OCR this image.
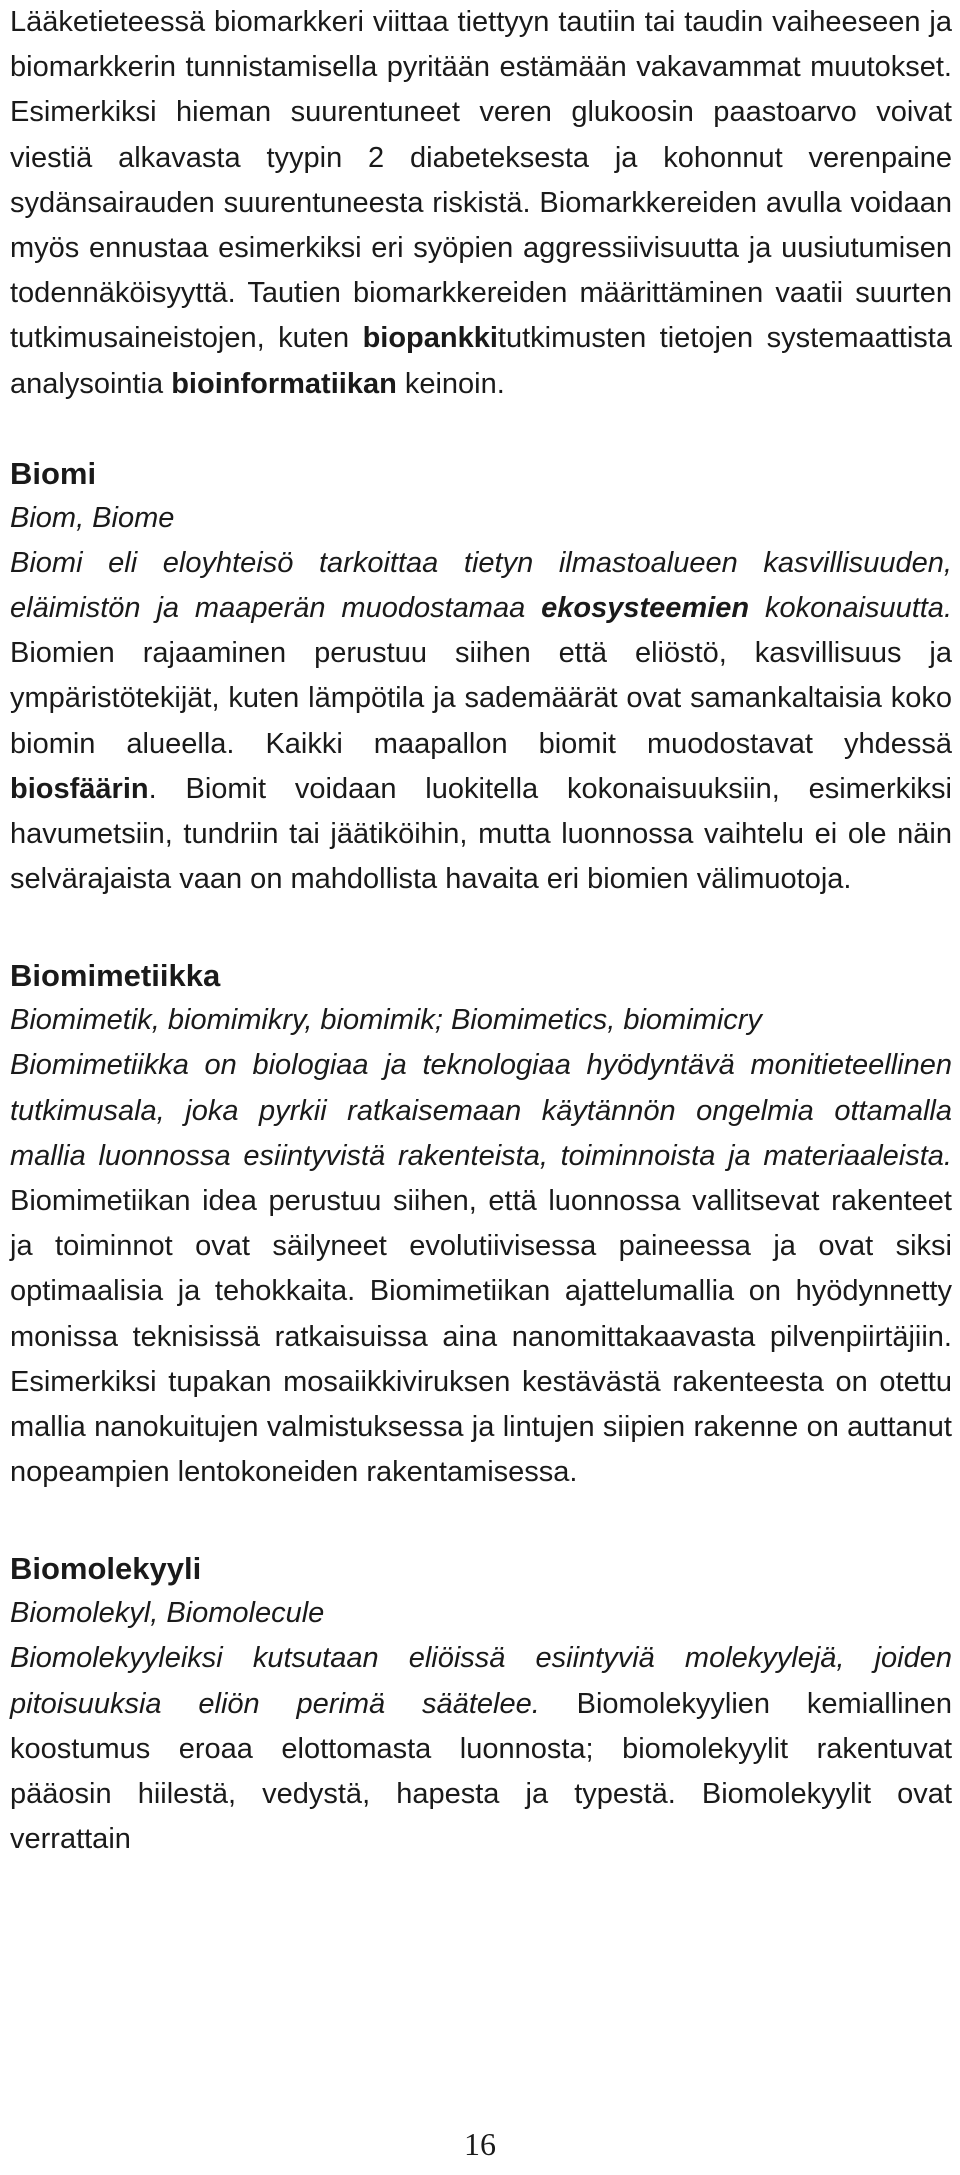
Lääketieteessä biomarkkeri viittaa tiettyyn tautiin tai taudin vaiheeseen ja biomarkkerin tunnistamisella pyritään estämään vakavammat muutokset. Esimerkiksi hieman suurentuneet veren glukoosin paastoarvo voivat viestiä alkavasta tyypin 2 diabeteksesta ja kohonnut verenpaine sydänsairauden suurentuneesta riskistä. Biomarkkereiden avulla voidaan myös ennustaa esimerkiksi eri syöpien aggressiivisuutta ja uusiutumisen todennäköisyyttä. Tautien biomarkkereiden määrittäminen vaatii suurten tutkimusaineistojen, kuten biopankkitutkimusten tietojen systemaattista analysointia bioinformatiikan keinoin.

Biomi

Biom, Biome

Biomi eli eloyhteisö tarkoittaa tietyn ilmastoalueen kasvillisuuden, eläimistön ja maaperän muodostamaa ekosysteemien kokonaisuutta. Biomien rajaaminen perustuu siihen että eliöstö, kasvillisuus ja ympäristötekijät, kuten lämpötila ja sademäärät ovat samankaltaisia koko biomin alueella. Kaikki maapallon biomit muodostavat yhdessä biosfäärin. Biomit voidaan luokitella kokonaisuuksiin, esimerkiksi havumetsiin, tundriin tai jäätiköihin, mutta luonnossa vaihtelu ei ole näin selvärajaista vaan on mahdollista havaita eri biomien välimuotoja.

Biomimetiikka

Biomimetik, biomimikry, biomimik; Biomimetics, biomimicry

Biomimetiikka on biologiaa ja teknologiaa hyödyntävä monitieteellinen tutkimusala, joka pyrkii ratkaisemaan käytännön ongelmia ottamalla mallia luonnossa esiintyvistä rakenteista, toiminnoista ja materiaaleista. Biomimetiikan idea perustuu siihen, että luonnossa vallitsevat rakenteet ja toiminnot ovat säilyneet evolutiivisessa paineessa ja ovat siksi optimaalisia ja tehokkaita. Biomimetiikan ajattelumallia on hyödynnetty monissa teknisissä ratkaisuissa aina nanomittakaavasta pilvenpiirtäjiin. Esimerkiksi tupakan mosaiikkiviruksen kestävästä rakenteesta on otettu mallia nanokuitujen valmistuksessa ja lintujen siipien rakenne on auttanut nopeampien lentokoneiden rakentamisessa.

Biomolekyyli

Biomolekyl, Biomolecule

Biomolekyyleiksi kutsutaan eliöissä esiintyviä molekyylejä, joiden pitoisuuksia eliön perimä säätelee. Biomolekyylien kemiallinen koostumus eroaa elottomasta luonnosta; biomolekyylit rakentuvat pääosin hiilestä, vedystä, hapesta ja typestä. Biomolekyylit ovat verrattain

16
